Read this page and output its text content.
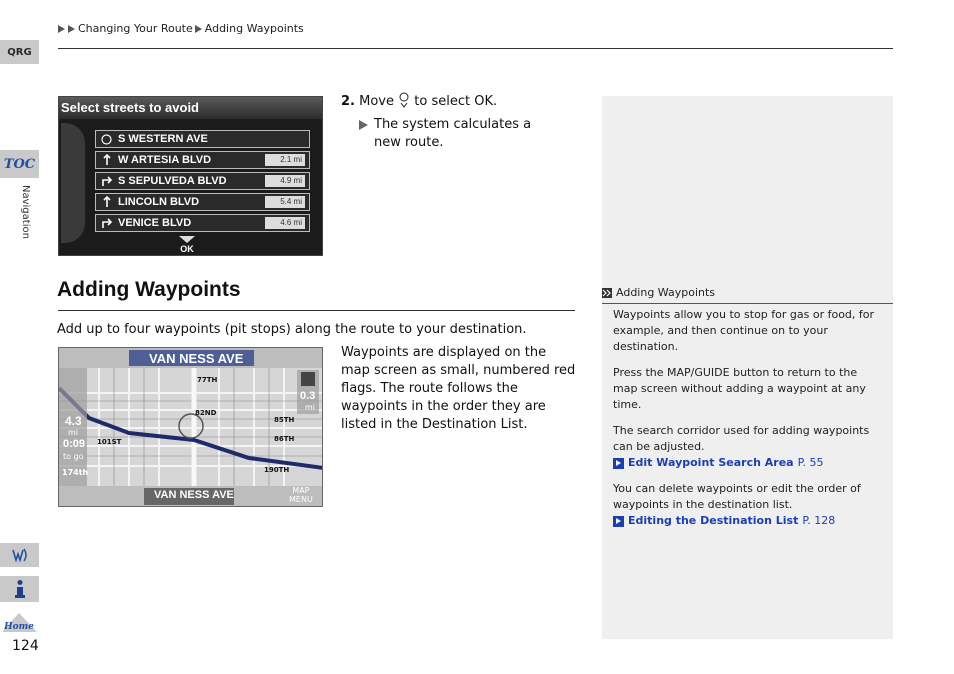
Changing Your Route Adding Waypoints
QRG
TOC
Navigation
Home
124
Select streets to avoid
S WESTERN AVE
W ARTESIA BLVD	2.1 mi
S SEPULVEDA BLVD	4.9 mi
LINCOLN BLVD	5.4 mi
VENICE BLVD	4.6 mi
OK
2. Move to select OK.
The system calculates a
new route.
Adding Waypoints
Add up to four waypoints (pit stops) along the route to your destination.
VAN NESS AVE
VAN NESS AVE
4.3
mi
0:09
to go
0.3
mi
MAP
MENU
77TH
82ND
85TH
86TH
190TH
101ST
174th
Waypoints are displayed on the map screen as small, numbered red flags. The route follows the waypoints in the order they are listed in the Destination List.
Adding Waypoints

Waypoints allow you to stop for gas or food, for example, and then continue on to your destination.

Press the MAP/GUIDE button to return to the map screen without adding a waypoint at any time.

The search corridor used for adding waypoints can be adjusted.
Edit Waypoint Search Area P. 55
You can delete waypoints or edit the order of waypoints in the destination list.
Editing the Destination List P. 128
